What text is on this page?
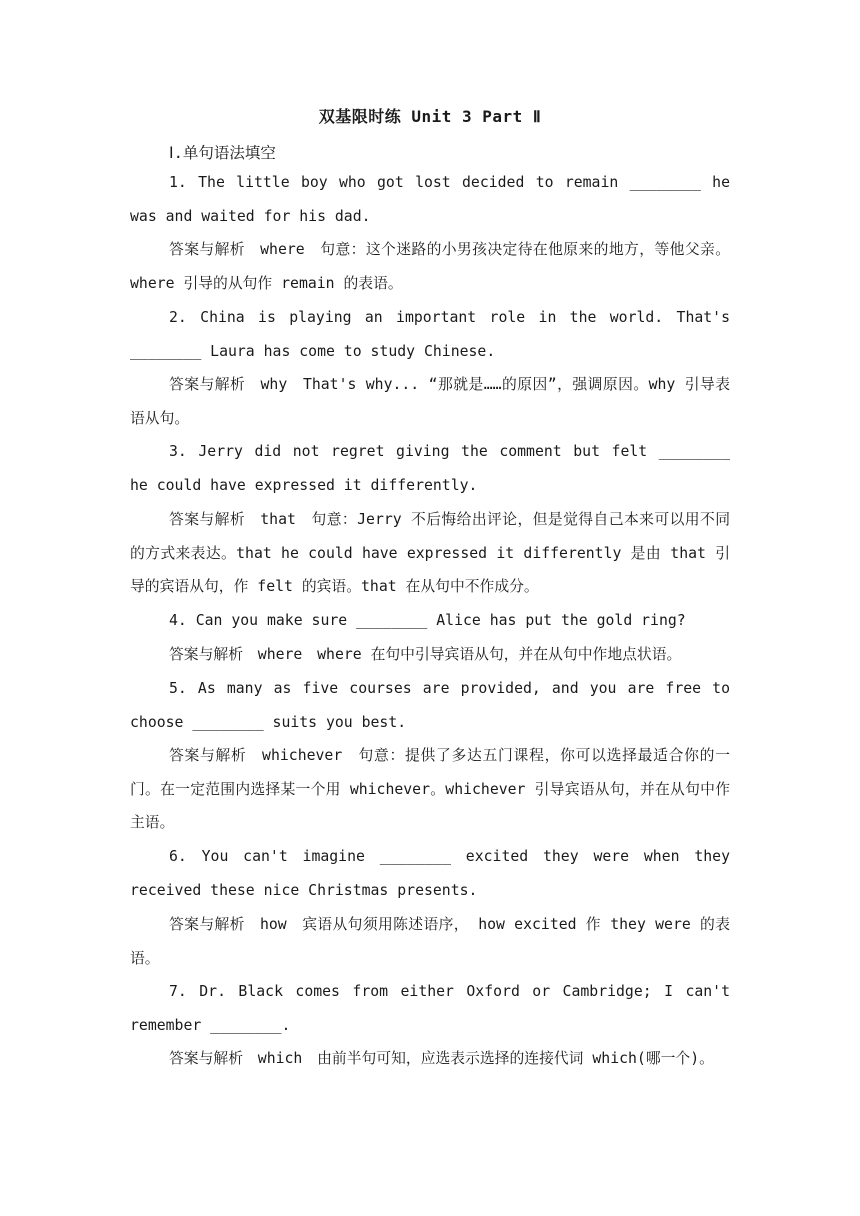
双基限时练 Unit 3 Part Ⅱ
Ⅰ.单句语法填空

1. The little boy who got lost decided to remain ________ he was and waited for his dad.

答案与解析　where　句意：这个迷路的小男孩决定待在他原来的地方，等他父亲。where 引导的从句作 remain 的表语。

2. China is playing an important role in the world. That's ________ Laura has come to study Chinese.

答案与解析　why　That's why... “那就是……的原因”，强调原因。why 引导表语从句。

3. Jerry did not regret giving the comment but felt ________ he could have expressed it differently.

答案与解析　that　句意：Jerry 不后悔给出评论，但是觉得自己本来可以用不同的方式来表达。that he could have expressed it differently 是由 that 引导的宾语从句，作 felt 的宾语。that 在从句中不作成分。

4. Can you make sure ________ Alice has put the gold ring?

答案与解析　where　where 在句中引导宾语从句，并在从句中作地点状语。

5. As many as five courses are provided, and you are free to choose ________ suits you best.

答案与解析　whichever　句意：提供了多达五门课程，你可以选择最适合你的一门。在一定范围内选择某一个用 whichever。whichever 引导宾语从句，并在从句中作主语。

6. You can't imagine ________ excited they were when they received these nice Christmas presents.

答案与解析　how　宾语从句须用陈述语序， how excited 作 they were 的表语。

7. Dr. Black comes from either Oxford or Cambridge; I can't remember ________.

答案与解析　which　由前半句可知，应选表示选择的连接代词 which(哪一个)。
